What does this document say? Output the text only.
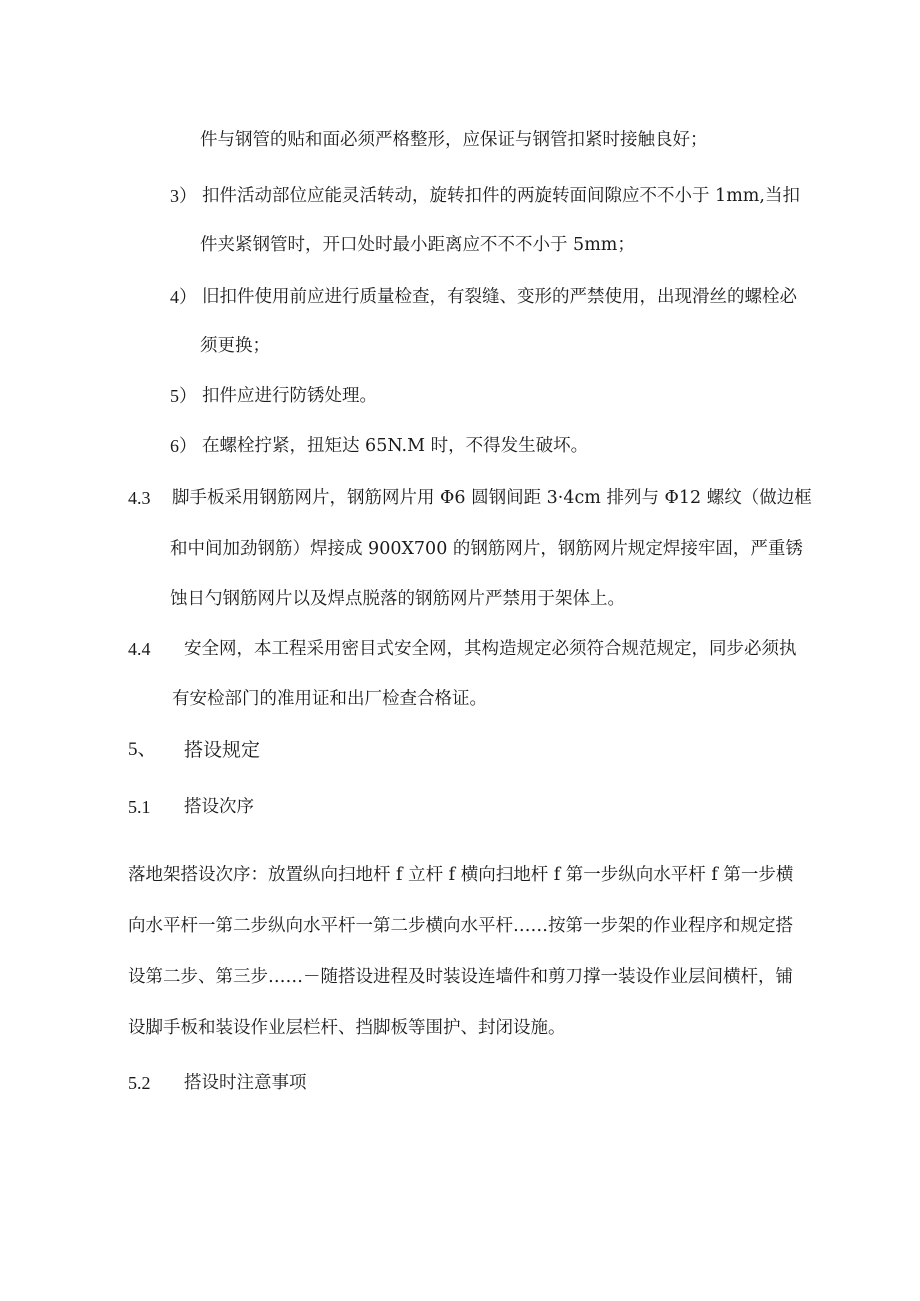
件与钢管的贴和面必须严格整形，应保证与钢管扣紧时接触良好；
3） 扣件活动部位应能灵活转动，旋转扣件的两旋转面间隙应不不小于 1mm,当扣
件夹紧钢管时，开口处时最小距离应不不不小于 5mm；
4） 旧扣件使用前应进行质量检查，有裂缝、变形的严禁使用，出现滑丝的螺栓必
须更换；
5） 扣件应进行防锈处理。
6） 在螺栓拧紧，扭矩达 65N.M 时，不得发生破坏。
4.3 脚手板采用钢筋网片，钢筋网片用 Φ6 圆钢间距 3·4cm 排列与 Φ12 螺纹（做边框
和中间加劲钢筋）焊接成 900X700 的钢筋网片，钢筋网片规定焊接牢固，严重锈
蚀日勺钢筋网片以及焊点脱落的钢筋网片严禁用于架体上。
4.4 安全网，本工程采用密目式安全网，其构造规定必须符合规范规定，同步必须执
有安检部门的准用证和出厂检查合格证。
5、 搭设规定
5.1 搭设次序
落地架搭设次序：放置纵向扫地杆 f 立杆 f 横向扫地杆 f 第一步纵向水平杆 f 第一步横
向水平杆一第二步纵向水平杆一第二步横向水平杆……按第一步架的作业程序和规定搭
设第二步、第三步……－随搭设进程及时装设连墙件和剪刀撑一装设作业层间横杆，铺
设脚手板和装设作业层栏杆、挡脚板等围护、封闭设施。
5.2 搭设时注意事项
